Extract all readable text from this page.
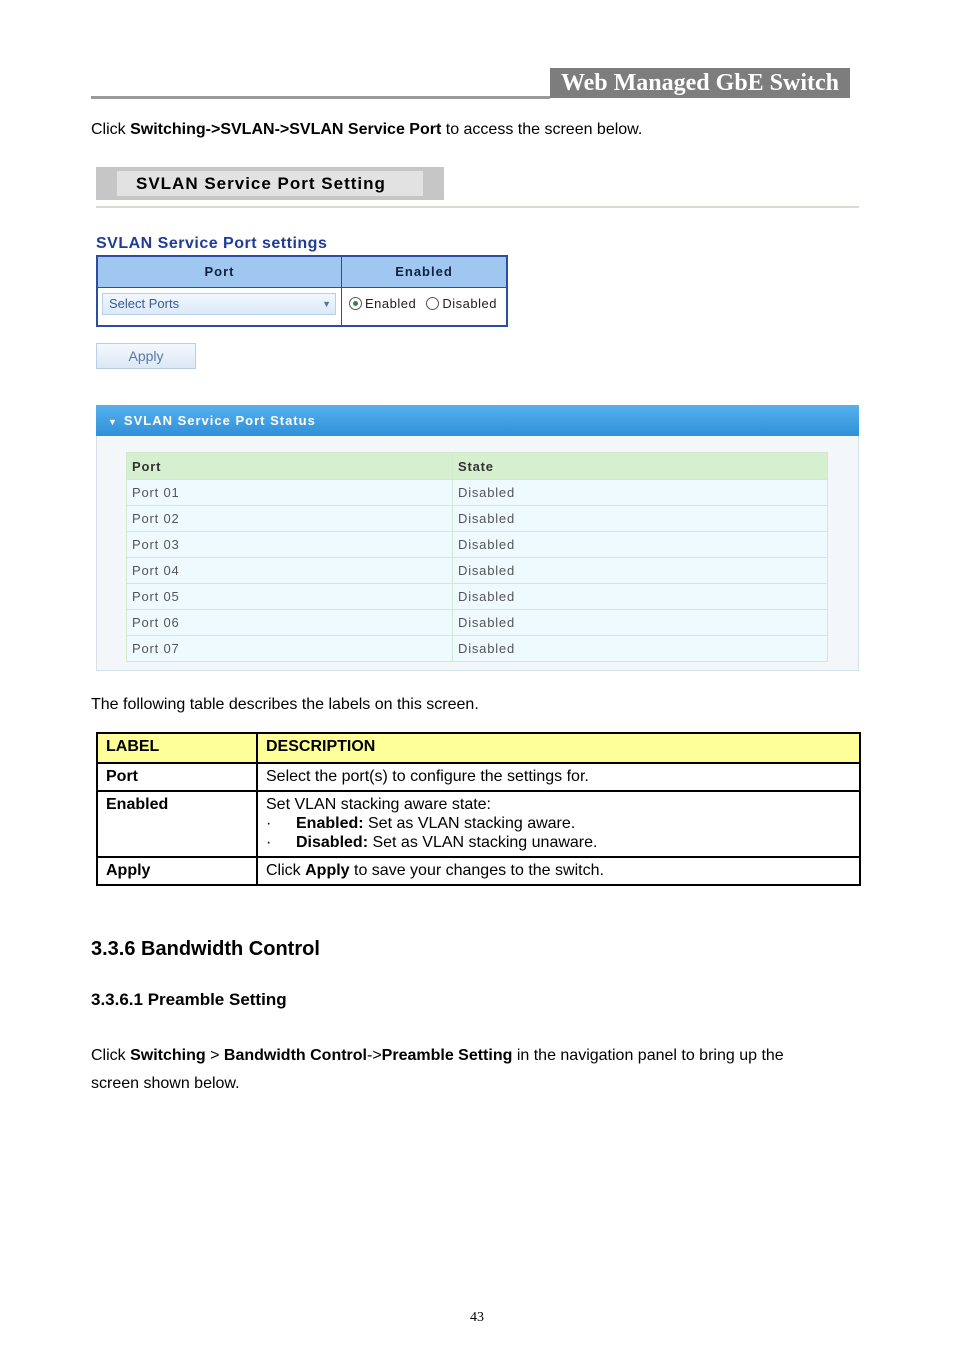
Web Managed GbE Switch
Click Switching->SVLAN->SVLAN Service Port to access the screen below.
SVLAN Service Port Setting
SVLAN Service Port settings
Port	Enabled
Select Ports	▼	Enabled Disabled
Apply
▼ SVLAN Service Port Status
Port	State
Port 01	Disabled
Port 02	Disabled
Port 03	Disabled
Port 04	Disabled
Port 05	Disabled
Port 06	Disabled
Port 07	Disabled
The following table describes the labels on this screen.
LABEL	DESCRIPTION
Port	Select the port(s) to configure the settings for.
Enabled	Set VLAN stacking aware state:
· Enabled: Set as VLAN stacking aware.
· Disabled: Set as VLAN stacking unaware.

Apply	Click Apply to save your changes to the switch.
3.3.6 Bandwidth Control
3.3.6.1 Preamble Setting
Click Switching > Bandwidth Control->Preamble Setting in the navigation panel to bring up the
screen shown below.
43
